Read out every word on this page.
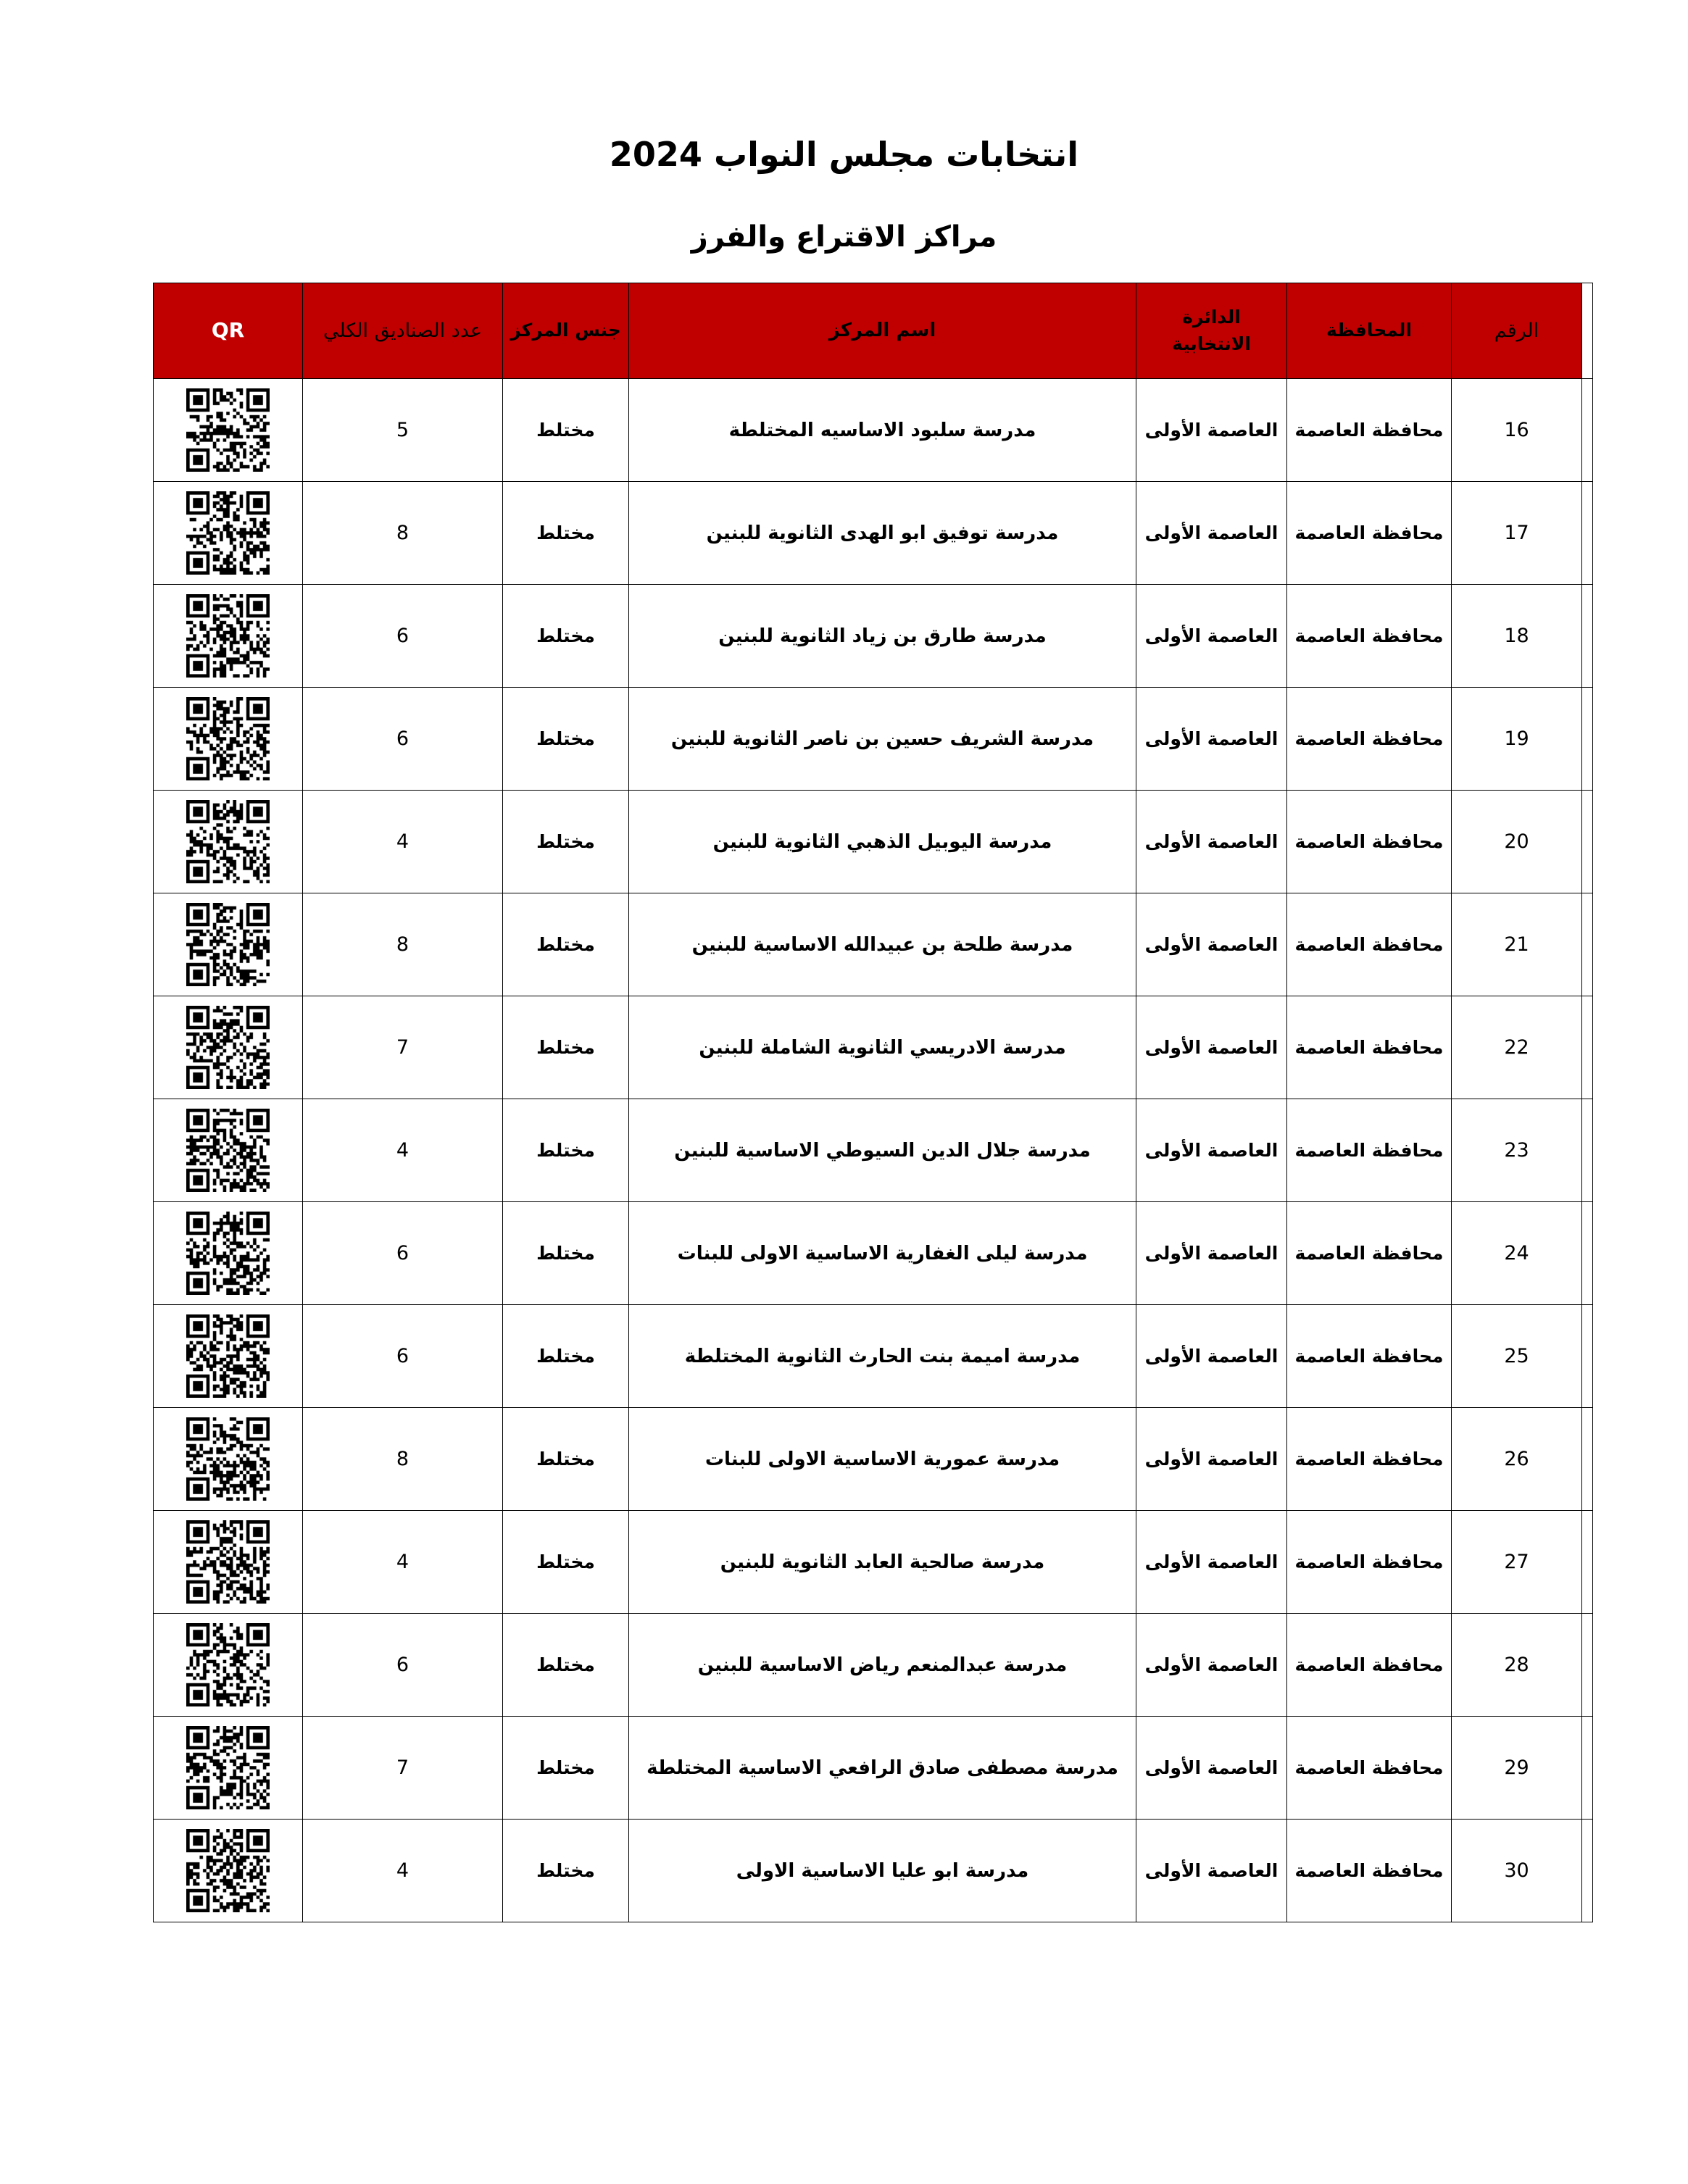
انتخابات مجلس النواب 2024
مراكز الاقتراع والفرز
	الرقم	المحافظة	الدائرة الانتخابية	اسم المركز	جنس المركز	عدد الصناديق الكلي	QR
	16	محافظة العاصمة	العاصمة الأولى	مدرسة سلبود الاساسيه المختلطة	مختلط	5	
	17	محافظة العاصمة	العاصمة الأولى	مدرسة توفيق ابو الهدى الثانوية للبنين	مختلط	8	
	18	محافظة العاصمة	العاصمة الأولى	مدرسة طارق بن زياد الثانوية للبنين	مختلط	6	
	19	محافظة العاصمة	العاصمة الأولى	مدرسة الشريف حسين بن ناصر الثانوية للبنين	مختلط	6	
	20	محافظة العاصمة	العاصمة الأولى	مدرسة اليوبيل الذهبي الثانوية للبنين	مختلط	4	
	21	محافظة العاصمة	العاصمة الأولى	مدرسة طلحة بن عبيدالله الاساسية للبنين	مختلط	8	
	22	محافظة العاصمة	العاصمة الأولى	مدرسة الادريسي الثانوية الشاملة للبنين	مختلط	7	
	23	محافظة العاصمة	العاصمة الأولى	مدرسة جلال الدين السيوطي الاساسية للبنين	مختلط	4	
	24	محافظة العاصمة	العاصمة الأولى	مدرسة ليلى الغفارية الاساسية الاولى للبنات	مختلط	6	
	25	محافظة العاصمة	العاصمة الأولى	مدرسة اميمة بنت الحارث الثانوية المختلطة	مختلط	6	
	26	محافظة العاصمة	العاصمة الأولى	مدرسة عمورية الاساسية الاولى للبنات	مختلط	8	
	27	محافظة العاصمة	العاصمة الأولى	مدرسة صالحية العابد الثانوية للبنين	مختلط	4	
	28	محافظة العاصمة	العاصمة الأولى	مدرسة عبدالمنعم رياض الاساسية للبنين	مختلط	6	
	29	محافظة العاصمة	العاصمة الأولى	مدرسة مصطفى صادق الرافعي الاساسية المختلطة	مختلط	7	
	30	محافظة العاصمة	العاصمة الأولى	مدرسة ابو عليا الاساسية الاولى	مختلط	4	
